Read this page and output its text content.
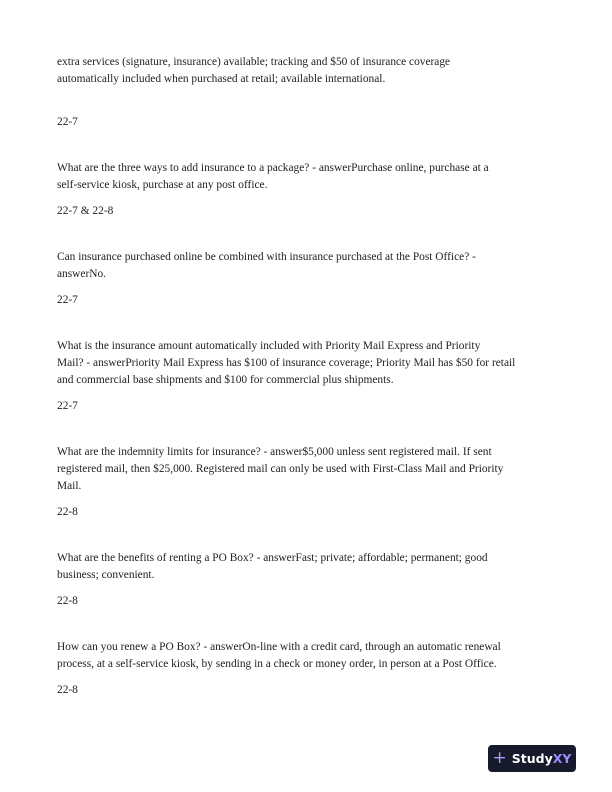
extra services (signature, insurance) available; tracking and $50 of insurance coverage
automatically included when purchased at retail; available international.
22-7
What are the three ways to add insurance to a package? - answerPurchase online, purchase at a
self-service kiosk, purchase at any post office.
22-7 & 22-8
Can insurance purchased online be combined with insurance purchased at the Post Office? -
answerNo.
22-7
What is the insurance amount automatically included with Priority Mail Express and Priority
Mail? - answerPriority Mail Express has $100 of insurance coverage; Priority Mail has $50 for retail
and commercial base shipments and $100 for commercial plus shipments.
22-7
What are the indemnity limits for insurance? - answer$5,000 unless sent registered mail. If sent
registered mail, then $25,000. Registered mail can only be used with First-Class Mail and Priority
Mail.
22-8
What are the benefits of renting a PO Box? - answerFast; private; affordable; permanent; good
business; convenient.
22-8
How can you renew a PO Box? - answerOn-line with a credit card, through an automatic renewal
process, at a self-service kiosk, by sending in a check or money order, in person at a Post Office.
22-8
+ StudyXY
